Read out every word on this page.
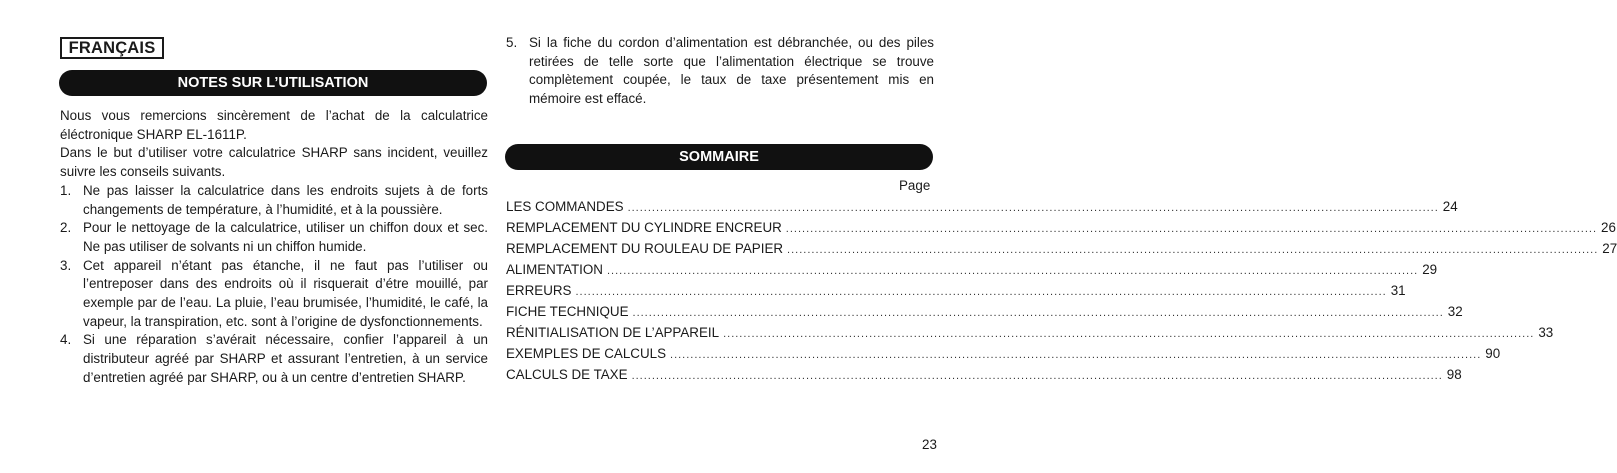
FRANÇAIS
NOTES SUR L’UTILISATION

Nous vous remercions sincèrement de l’achat de la calculatrice éléctronique SHARP EL-1611P.

Dans le but d’utiliser votre calculatrice SHARP sans incident, veuillez suivre les conseils suivants.

1. Ne pas laisser la calculatrice dans les endroits sujets à de forts changements de température, à l’humidité, et à la poussière.
2. Pour le nettoyage de la calculatrice, utiliser un chiffon doux et sec. Ne pas utiliser de solvants ni un chiffon humide.
3. Cet appareil n’étant pas étanche, il ne faut pas l’utiliser ou l’entreposer dans des endroits où il risquerait d’étre mouillé, par exemple par de l’eau. La pluie, l’eau brumisée, l’humidité, le café, la vapeur, la transpiration, etc. sont à l’origine de dysfonctionnements.
4. Si une réparation s’avérait nécessaire, confier l’appareil à un distributeur agréé par SHARP et assurant l’entretien, à un service d’entretien agréé par SHARP, ou à un centre d’entretien SHARP.
5. Si la fiche du cordon d’alimentation est débranchée, ou des piles retirées de telle sorte que l’alimentation électrique se trouve complètement coupée, le taux de taxe présentement mis en mémoire est effacé.
SOMMAIRE
Page
LES COMMANDES ........................................................................................................................................................................................................ 24
REMPLACEMENT DU CYLINDRE ENCREUR ........................................................................................................................................................................................................ 26
REMPLACEMENT DU ROULEAU DE PAPIER ........................................................................................................................................................................................................ 27
ALIMENTATION ........................................................................................................................................................................................................ 29
ERREURS ........................................................................................................................................................................................................ 31
FICHE TECHNIQUE ........................................................................................................................................................................................................ 32
RÉNITIALISATION DE L’APPAREIL ........................................................................................................................................................................................................ 33
EXEMPLES DE CALCULS ........................................................................................................................................................................................................ 90
CALCULS DE TAXE ........................................................................................................................................................................................................ 98
23
